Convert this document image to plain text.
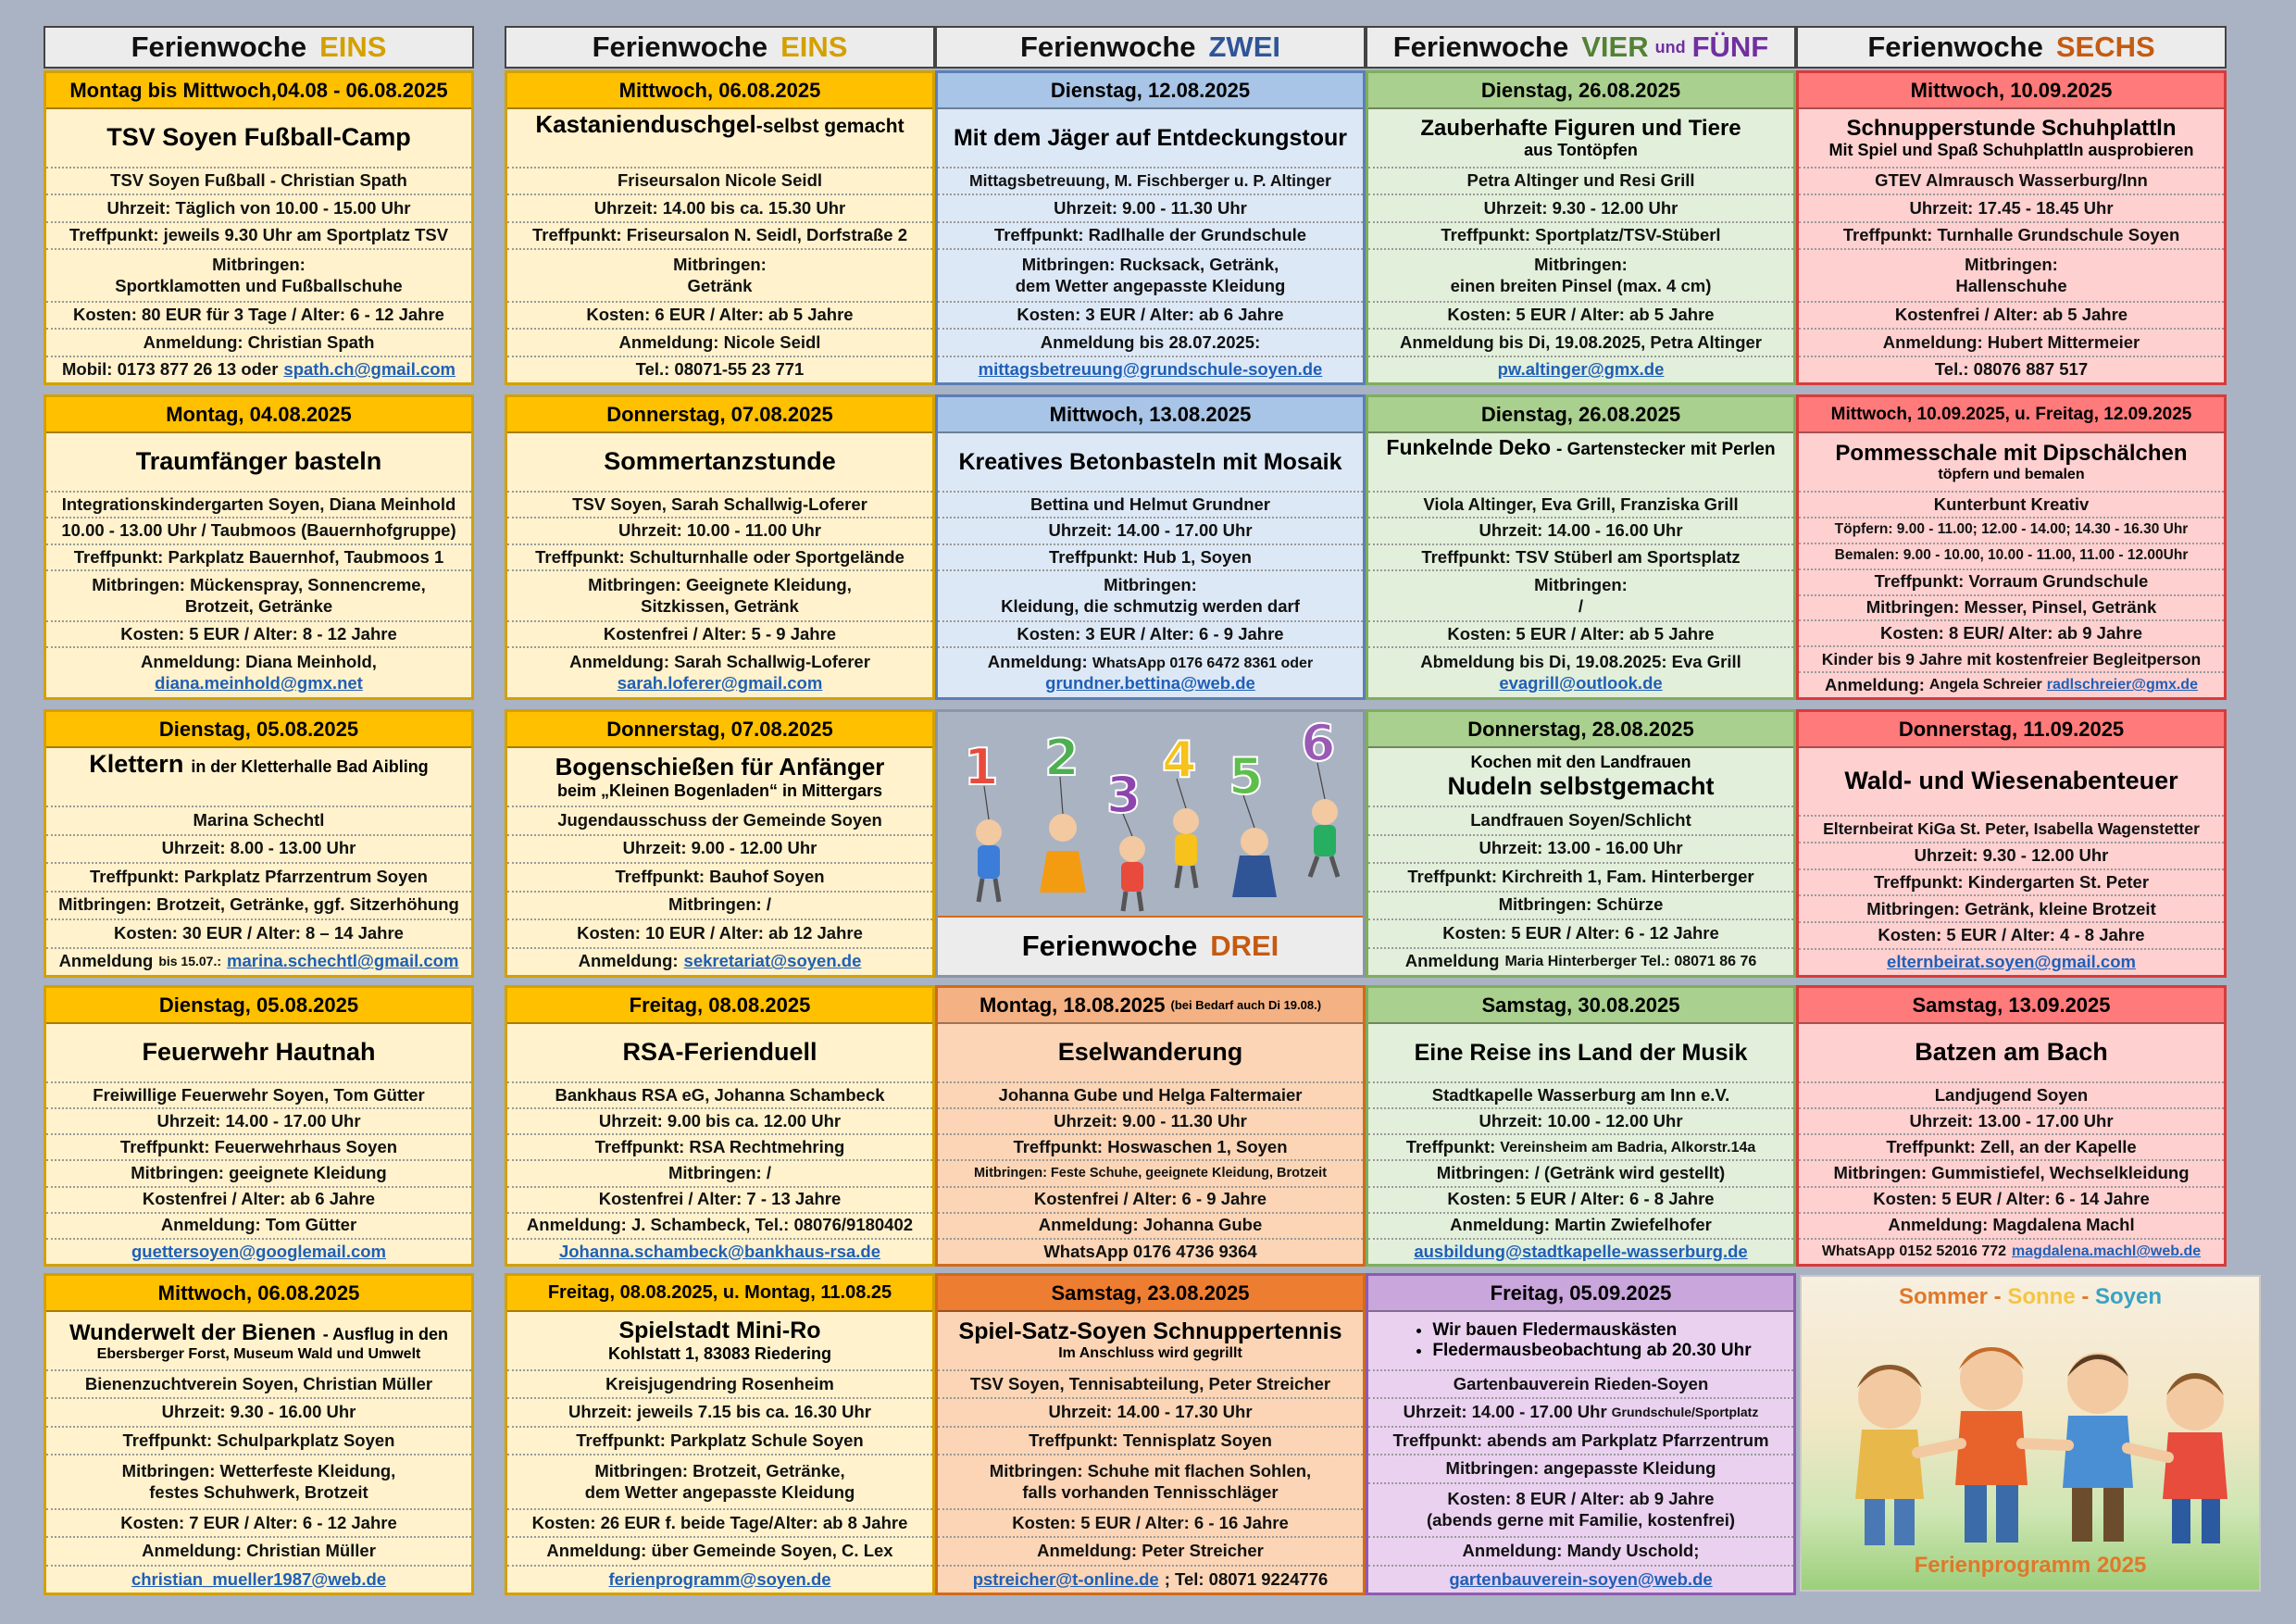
Ferienwoche EINS	Ferienwoche EINS	Ferienwoche ZWEI	Ferienwoche VIER und FÜNF	Ferienwoche SECHS
Montag bis Mittwoch,04.08 - 06.08.2025
TSV Soyen Fußball-Camp
TSV Soyen Fußball - Christian Spath
Uhrzeit: Täglich von 10.00 - 15.00 Uhr
Treffpunkt: jeweils 9.30 Uhr am Sportplatz TSV
Mitbringen:
Sportklamotten und Fußballschuhe
Kosten: 80 EUR für 3 Tage / Alter: 6 - 12 Jahre
Anmeldung: Christian Spath
Mobil: 0173 877 26 13 oder spath.ch@gmail.com
Montag, 04.08.2025
Traumfänger basteln
Integrationskindergarten Soyen, Diana Meinhold
10.00 - 13.00 Uhr / Taubmoos (Bauernhofgruppe)
Treffpunkt: Parkplatz Bauernhof, Taubmoos 1
Mitbringen: Mückenspray, Sonnencreme,
Brotzeit, Getränke
Kosten: 5 EUR / Alter: 8 - 12 Jahre
Anmeldung: Diana Meinhold,
diana.meinhold@gmx.net
Dienstag, 05.08.2025
Klettern in der Kletterhalle Bad Aibling
Marina Schechtl
Uhrzeit: 8.00 - 13.00 Uhr
Treffpunkt: Parkplatz Pfarrzentrum Soyen
Mitbringen: Brotzeit, Getränke, ggf. Sitzerhöhung
Kosten: 30 EUR / Alter: 8 – 14 Jahre
Anmeldung bis 15.07.: marina.schechtl@gmail.com
Dienstag, 05.08.2025
Feuerwehr Hautnah
Freiwillige Feuerwehr Soyen, Tom Gütter
Uhrzeit: 14.00 - 17.00 Uhr
Treffpunkt: Feuerwehrhaus Soyen
Mitbringen: geeignete Kleidung
Kostenfrei / Alter: ab 6 Jahre
Anmeldung: Tom Gütter
guettersoyen@googlemail.com
Mittwoch, 06.08.2025
Wunderwelt der Bienen - Ausflug in den
Ebersberger Forst, Museum Wald und Umwelt
Bienenzuchtverein Soyen, Christian Müller
Uhrzeit: 9.30 - 16.00 Uhr
Treffpunkt: Schulparkplatz Soyen
Mitbringen: Wetterfeste Kleidung,
festes Schuhwerk, Brotzeit
Kosten: 7 EUR / Alter: 6 - 12 Jahre
Anmeldung: Christian Müller
christian_mueller1987@web.de
Mittwoch, 06.08.2025
Kastanienduschgel -selbst gemacht
Friseursalon Nicole Seidl
Uhrzeit: 14.00 bis ca. 15.30 Uhr
Treffpunkt: Friseursalon N. Seidl, Dorfstraße 2
Mitbringen:
Getränk
Kosten: 6 EUR / Alter: ab 5 Jahre
Anmeldung: Nicole Seidl
Tel.: 08071-55 23 771
Donnerstag, 07.08.2025
Sommertanzstunde
TSV Soyen, Sarah Schallwig-Loferer
Uhrzeit: 10.00 - 11.00 Uhr
Treffpunkt: Schulturnhalle oder Sportgelände
Mitbringen: Geeignete Kleidung,
Sitzkissen, Getränk
Kostenfrei / Alter: 5 - 9 Jahre
Anmeldung: Sarah Schallwig-Loferer
sarah.loferer@gmail.com
Donnerstag, 07.08.2025
Bogenschießen für Anfänger
beim „Kleinen Bogenladen“ in Mittergars
Jugendausschuss der Gemeinde Soyen
Uhrzeit: 9.00 - 12.00 Uhr
Treffpunkt: Bauhof Soyen
Mitbringen: /
Kosten: 10 EUR / Alter: ab 12 Jahre
Anmeldung: sekretariat@soyen.de
Freitag, 08.08.2025
RSA-Ferienduell
Bankhaus RSA eG, Johanna Schambeck
Uhrzeit: 9.00 bis ca. 12.00 Uhr
Treffpunkt: RSA Rechtmehring
Mitbringen: /
Kostenfrei / Alter: 7 - 13 Jahre
Anmeldung: J. Schambeck, Tel.: 08076/9180402
Johanna.schambeck@bankhaus-rsa.de
Freitag, 08.08.2025, u. Montag, 11.08.25
Spielstadt Mini-Ro
Kohlstatt 1, 83083 Riedering
Kreisjugendring Rosenheim
Uhrzeit: jeweils 7.15 bis ca. 16.30 Uhr
Treffpunkt: Parkplatz Schule Soyen
Mitbringen: Brotzeit, Getränke,
dem Wetter angepasste Kleidung
Kosten: 26 EUR f. beide Tage/Alter: ab 8 Jahre
Anmeldung: über Gemeinde Soyen, C. Lex
ferienprogramm@soyen.de
Dienstag, 12.08.2025
Mit dem Jäger auf Entdeckungstour
Mittagsbetreuung, M. Fischberger u. P. Altinger
Uhrzeit: 9.00 - 11.30 Uhr
Treffpunkt: Radlhalle der Grundschule
Mitbringen: Rucksack, Getränk,
dem Wetter angepasste Kleidung
Kosten: 3 EUR / Alter: ab 6 Jahre
Anmeldung bis 28.07.2025:
mittagsbetreuung@grundschule-soyen.de
Mittwoch, 13.08.2025
Kreatives Betonbasteln mit Mosaik
Bettina und Helmut Grundner
Uhrzeit: 14.00 - 17.00 Uhr
Treffpunkt: Hub 1, Soyen
Mitbringen:
Kleidung, die schmutzig werden darf
Kosten: 3 EUR / Alter: 6 - 9 Jahre
Anmeldung: WhatsApp 0176 6472 8361 oder
grundner.bettina@web.de
1 2
3
4 5
6
Ferienwoche DREI
Montag, 18.08.2025 (bei Bedarf auch Di 19.08.)
Eselwanderung
Johanna Gube und Helga Faltermaier
Uhrzeit: 9.00 - 11.30 Uhr
Treffpunkt: Hoswaschen 1, Soyen
Mitbringen: Feste Schuhe, geeignete Kleidung, Brotzeit
Kostenfrei / Alter: 6 - 9 Jahre
Anmeldung: Johanna Gube
WhatsApp 0176 4736 9364
Samstag, 23.08.2025
Spiel-Satz-Soyen Schnuppertennis
Im Anschluss wird gegrillt
TSV Soyen, Tennisabteilung, Peter Streicher
Uhrzeit: 14.00 - 17.30 Uhr
Treffpunkt: Tennisplatz Soyen
Mitbringen: Schuhe mit flachen Sohlen,
falls vorhanden Tennisschläger
Kosten: 5 EUR / Alter: 6 - 16 Jahre
Anmeldung: Peter Streicher
pstreicher@t-online.de ; Tel: 08071 9224776
Dienstag, 26.08.2025
Zauberhafte Figuren und Tiere
aus Tontöpfen
Petra Altinger und Resi Grill
Uhrzeit: 9.30 - 12.00 Uhr
Treffpunkt: Sportplatz/TSV-Stüberl
Mitbringen:
einen breiten Pinsel (max. 4 cm)
Kosten: 5 EUR / Alter: ab 5 Jahre
Anmeldung bis Di, 19.08.2025, Petra Altinger
pw.altinger@gmx.de
Dienstag, 26.08.2025
Funkelnde Deko - Gartenstecker mit Perlen
Viola Altinger, Eva Grill, Franziska Grill
Uhrzeit: 14.00 - 16.00 Uhr
Treffpunkt: TSV Stüberl am Sportsplatz
Mitbringen:
/
Kosten: 5 EUR / Alter: ab 5 Jahre
Abmeldung bis Di, 19.08.2025: Eva Grill
evagrill@outlook.de
Donnerstag, 28.08.2025
Kochen mit den Landfrauen
Nudeln selbstgemacht
Landfrauen Soyen/Schlicht
Uhrzeit: 13.00 - 16.00 Uhr
Treffpunkt: Kirchreith 1, Fam. Hinterberger
Mitbringen: Schürze
Kosten: 5 EUR / Alter: 6 - 12 Jahre
Anmeldung Maria Hinterberger Tel.: 08071 86 76
Samstag, 30.08.2025
Eine Reise ins Land der Musik
Stadtkapelle Wasserburg am Inn e.V.
Uhrzeit: 10.00 - 12.00 Uhr
Treffpunkt: Vereinsheim am Badria, Alkorstr.14a
Mitbringen: / (Getränk wird gestellt)
Kosten: 5 EUR / Alter: 6 - 8 Jahre
Anmeldung: Martin Zwiefelhofer
ausbildung@stadtkapelle-wasserburg.de
Freitag, 05.09.2025
• Wir bauen Fledermauskästen
• Fledermausbeobachtung ab 20.30 Uhr
Gartenbauverein Rieden-Soyen
Uhrzeit: 14.00 - 17.00 Uhr Grundschule/Sportplatz
Treffpunkt: abends am Parkplatz Pfarrzentrum
Mitbringen: angepasste Kleidung
Kosten: 8 EUR / Alter: ab 9 Jahre
(abends gerne mit Familie, kostenfrei)
Anmeldung: Mandy Uschold;
gartenbauverein-soyen@web.de
Mittwoch, 10.09.2025
Schnupperstunde Schuhplattln
Mit Spiel und Spaß Schuhplattln ausprobieren
GTEV Almrausch Wasserburg/Inn
Uhrzeit: 17.45 - 18.45 Uhr
Treffpunkt: Turnhalle Grundschule Soyen
Mitbringen:
Hallenschuhe
Kostenfrei / Alter: ab 5 Jahre
Anmeldung: Hubert Mittermeier
Tel.: 08076 887 517
Mittwoch, 10.09.2025, u. Freitag, 12.09.2025
Pommesschale mit Dipschälchen
töpfern und bemalen
Kunterbunt Kreativ
Töpfern: 9.00 - 11.00; 12.00 - 14.00; 14.30 - 16.30 Uhr
Bemalen: 9.00 - 10.00, 10.00 - 11.00, 11.00 - 12.00Uhr
Treffpunkt: Vorraum Grundschule
Mitbringen: Messer, Pinsel, Getränk
Kosten: 8 EUR/ Alter: ab 9 Jahre
Kinder bis 9 Jahre mit kostenfreier Begleitperson
Anmeldung: Angela Schreier radlschreier@gmx.de
Donnerstag, 11.09.2025
Wald- und Wiesenabenteuer
Elternbeirat KiGa St. Peter, Isabella Wagenstetter
Uhrzeit: 9.30 - 12.00 Uhr
Treffpunkt: Kindergarten St. Peter
Mitbringen: Getränk, kleine Brotzeit
Kosten: 5 EUR / Alter: 4 - 8 Jahre
elternbeirat.soyen@gmail.com
Samstag, 13.09.2025
Batzen am Bach
Landjugend Soyen
Uhrzeit: 13.00 - 17.00 Uhr
Treffpunkt: Zell, an der Kapelle
Mitbringen: Gummistiefel, Wechselkleidung
Kosten: 5 EUR / Alter: 6 - 14 Jahre
Anmeldung: Magdalena Machl
WhatsApp 0152 52016 772 magdalena.machl@web.de
Sommer - Sonne - Soyen
Ferienprogramm 2025
